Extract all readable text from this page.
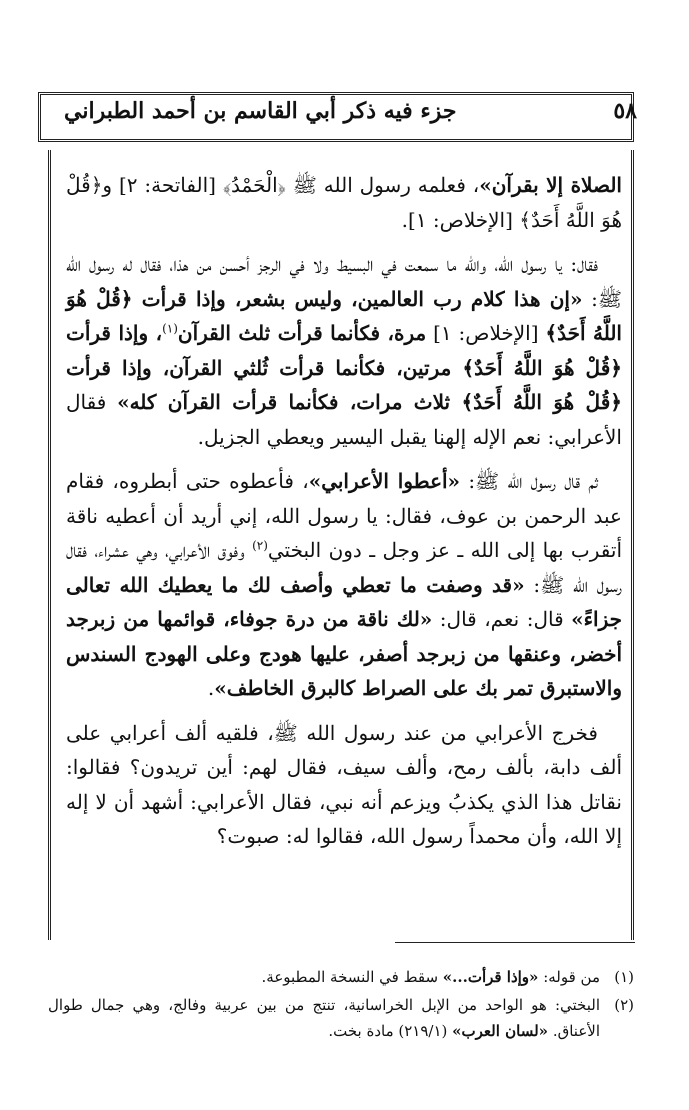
٥٨
جزء فيه ذكر أبي القاسم بن أحمد الطبراني

الصلاة إلا بقرآن»، فعلمه رسول الله ﷺ ﴿الْحَمْدُ﴾ [الفاتحة: ٢] و﴿قُلْ هُوَ اللَّهُ أَحَدٌ﴾ [الإخلاص: ١].

فقال: يا رسول الله، والله ما سمعت في البسيط ولا في الرجز أحسن من هذا، فقال له رسول الله ﷺ: «إن هذا كلام رب العالمين، وليس بشعر، وإذا قرأت ﴿قُلْ هُوَ اللَّهُ أَحَدٌ﴾ [الإخلاص: ١] مرة، فكأنما قرأت ثلث القرآن$^{(١)}$، وإذا قرأت ﴿قُلْ هُوَ اللَّهُ أَحَدٌ﴾ مرتين، فكأنما قرأت ثُلثي القرآن، وإذا قرأت ﴿قُلْ هُوَ اللَّهُ أَحَدٌ﴾ ثلاث مرات، فكأنما قرأت القرآن كله» فقال الأعرابي: نعم الإله إلهنا يقبل اليسير ويعطي الجزيل.

ثم قال رسول الله ﷺ: «أعطوا الأعرابي»، فأعطوه حتى أبطروه، فقام عبد الرحمن بن عوف، فقال: يا رسول الله، إني أريد أن أعطيه ناقة أتقرب بها إلى الله ـ عز وجل ـ دون البختي$^{(٢)}$ وفوق الأعرابي، وهي عشراء، فقال رسول الله ﷺ: «قد وصفت ما تعطي وأصف لك ما يعطيك الله تعالى جزاءً» قال: نعم، قال: «لك ناقة من درة جوفاء، قوائمها من زبرجد أخضر، وعنقها من زبرجد أصفر، عليها هودج وعلى الهودج السندس والاستبرق تمر بك على الصراط كالبرق الخاطف».

فخرج الأعرابي من عند رسول الله ﷺ، فلقيه ألف أعرابي على ألف دابة، بألف رمح، وألف سيف، فقال لهم: أين تريدون؟ فقالوا: نقاتل هذا الذي يكذبُ ويزعم أنه نبي، فقال الأعرابي: أشهد أن لا إله إلا الله، وأن محمداً رسول الله، فقالوا له: صبوت؟

(١)
من قوله: «وإذا قرأت...» سقط في النسخة المطبوعة.
(٢)
البختي: هو الواحد من الإبل الخراسانية، تنتج من بين عربية وفالج، وهي جمال طوال الأعناق. «لسان العرب» (٢١٩/١) مادة بخت.
